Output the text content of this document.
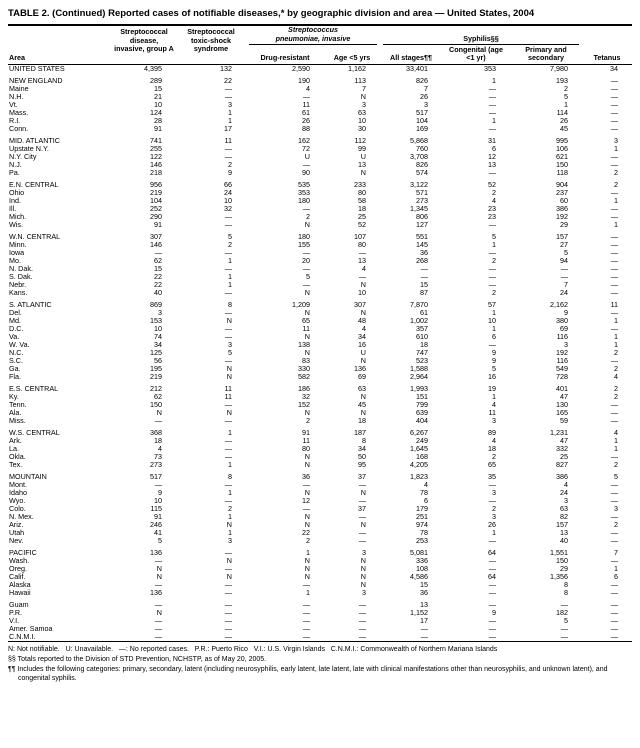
TABLE 2. (Continued) Reported cases of notifiable diseases,* by geographic division and area — United States, 2004

Area	Streptococcal disease, invasive, group A	Streptococcal toxic-shock syndrome	Streptococcus pneumoniae, invasive		Syphilis§§			Tetanus
			Drug-resistant	Age <5 yrs	All stages¶¶	Congenital (age <1 yr)	Primary and secondary	
UNITED STATES	4,395	132	2,590	1,162	33,401	353	7,980	34

NEW ENGLAND	289	22	190	113	826	1	193	—
Maine	15	—	4	7	7	—	2	—
N.H.	21	—	—	N	26	—	5	—
Vt.	10	3	11	3	3	—	1	—
Mass.	124	1	61	63	517	—	114	—
R.I.	28	1	26	10	104	1	26	—
Conn.	91	17	88	30	169	—	45	—

MID. ATLANTIC	741	11	162	112	5,868	31	995	3
Upstate N.Y.	255	—	72	99	760	6	106	1
N.Y. City	122	—	U	U	3,708	12	621	—
N.J.	146	2	—	13	826	13	150	—
Pa.	218	9	90	N	574	—	118	2

E.N. CENTRAL	956	66	535	233	3,122	52	904	2
Ohio	219	24	353	80	571	2	237	—
Ind.	104	10	180	58	273	4	60	1
Ill.	252	32	—	18	1,345	23	386	—
Mich.	290	—	2	25	806	23	192	—
Wis.	91	—	N	52	127	—	29	1

W.N. CENTRAL	307	5	180	107	551	5	157	—
Minn.	146	2	155	80	145	1	27	—
Iowa	—	—	—	—	36	—	5	—
Mo.	62	1	20	13	268	2	94	—
N. Dak.	15	—	—	4	—	—	—	—
S. Dak.	22	1	5	—	—	—	—	—
Nebr.	22	1	—	N	15	—	7	—
Kans.	40	—	N	10	87	2	24	—

S. ATLANTIC	869	8	1,209	307	7,870	57	2,162	11
Del.	3	—	N	N	61	1	9	—
Md.	153	N	65	48	1,002	10	380	1
D.C.	10	—	11	4	357	1	69	—
Va.	74	—	N	34	610	6	116	1
W. Va.	34	3	138	16	18	—	3	1
N.C.	125	5	N	U	747	9	192	2
S.C.	56	—	83	N	523	9	116	—
Ga.	195	N	330	136	1,588	5	549	2
Fla.	219	N	582	69	2,964	16	728	4

E.S. CENTRAL	212	11	186	63	1,993	19	401	2
Ky.	62	11	32	N	151	1	47	2
Tenn.	150	—	152	45	799	4	130	—
Ala.	N	N	N	N	639	11	165	—
Miss.	—	—	2	18	404	3	59	—

W.S. CENTRAL	368	1	91	187	6,267	89	1,231	4
Ark.	18	—	11	8	249	4	47	1
La.	4	—	80	34	1,645	18	332	1
Okla.	73	—	N	50	168	2	25	—
Tex.	273	1	N	95	4,205	65	827	2

MOUNTAIN	517	8	36	37	1,823	35	386	5
Mont.	—	—	—	—	4	—	4	—
Idaho	9	1	N	N	78	3	24	—
Wyo.	10	—	12	—	6	—	3	—
Colo.	115	2	—	37	179	2	63	3
N. Mex.	91	1	N	—	251	3	82	—
Ariz.	246	N	N	N	974	26	157	2
Utah	41	1	22	—	78	1	13	—
Nev.	5	3	2	—	253	—	40	—

PACIFIC	136	—	1	3	5,081	64	1,551	7
Wash.	—	N	N	N	336	—	150	—
Oreg.	N	—	N	N	108	—	29	1
Calif.	N	N	N	N	4,586	64	1,356	6
Alaska	—	—	—	N	15	—	8	—
Hawaii	136	—	1	3	36	—	8	—

Guam	—	—	—	—	13	—	—	—
P.R.	N	—	—	—	1,152	9	182	—
V.I.	—	—	—	—	17	—	5	—
Amer. Samoa	—	—	—	—	—	—	—	—
C.N.M.I.	—	—	—	—	—	—	—	—

N: Not notifiable.   U: Unavailable.   —: No reported cases.   P.R.: Puerto Rico   V.I.: U.S. Virgin Islands   C.N.M.I.: Commonwealth of Northern Mariana Islands

§§ Totals reported to the Division of STD Prevention, NCHSTP, as of May 20, 2005.

¶¶ Includes the following categories: primary, secondary, latent (including neurosyphilis, early latent, late latent, late with clinical manifestations other than neurosyphilis, and unknown latent), and congenital syphilis.
